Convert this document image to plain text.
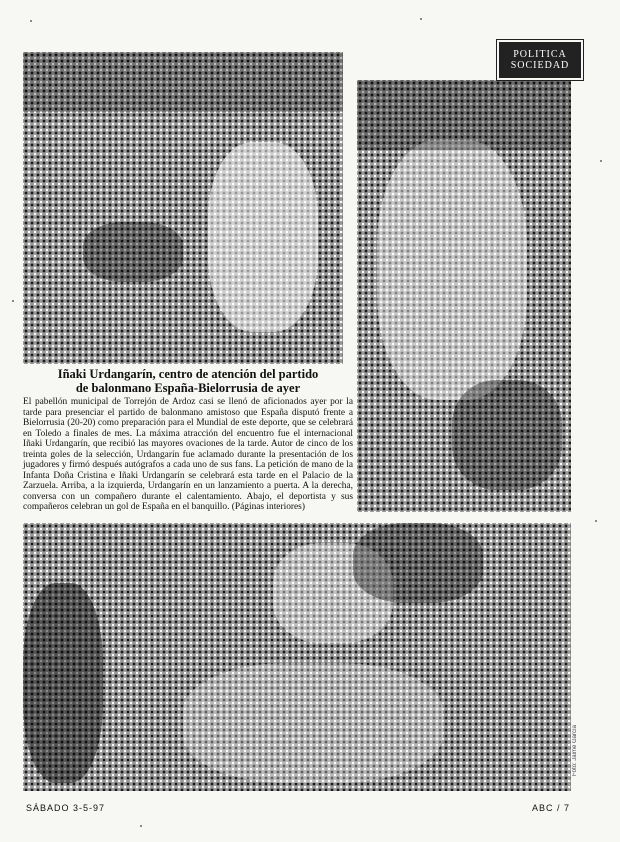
POLITICA
SOCIEDAD
Iñaki Urdangarín, centro de atención del partido
de balonmano España-Bielorrusia de ayer
El pabellón municipal de Torrejón de Ardoz casi se llenó de aficionados ayer por la tarde para presenciar el partido de balonmano amistoso que España disputó frente a Bielorrusia (20-20) como preparación para el Mundial de este deporte, que se celebrará en Toledo a finales de mes. La máxima atracción del encuentro fue el internacional Iñaki Urdangarín, que recibió las mayores ovaciones de la tarde. Autor de cinco de los treinta goles de la selección, Urdangarín fue aclamado durante la presentación de los jugadores y firmó después autógrafos a cada uno de sus fans. La petición de mano de la Infanta Doña Cristina e Iñaki Urdangarín se celebrará esta tarde en el Palacio de la Zarzuela. Arriba, a la izquierda, Urdangarín en un lanzamiento a puerta. A la derecha, conversa con un compañero durante el calentamiento. Abajo, el deportista y sus compañeros celebran un gol de España en el banquillo. (Páginas interiores)
Foto: Jaime García
SÁBADO 3-5-97	ABC / 7
